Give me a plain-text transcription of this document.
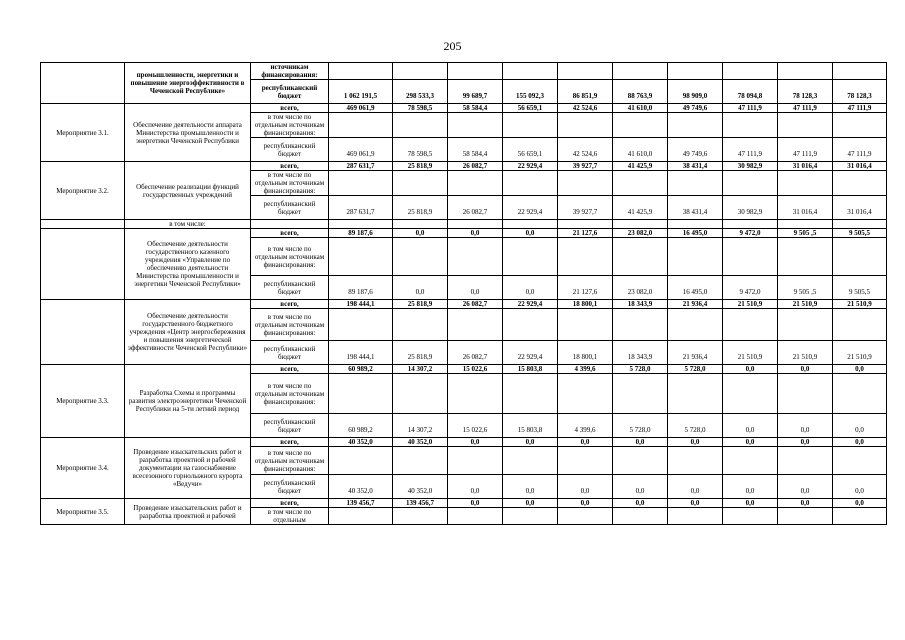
205
	промышленности, энергетики и повышение энергоэффективности в Чеченской Республике»	источникам финансирования:										
		республиканский бюджет	1 062 191,5	298 533,3	99 689,7	155 092,3	86 851,9	88 763,9	98 909,0	78 094,8	78 128,3	78 128,3
Мероприятие 3.1.	Обеспечение деятельности аппарата Министерства промышленности и энергетики Чеченской Республики	всего,	469 061,9	78 598,5	58 584,4	56 659,1	42 524,6	41 610,0	49 749,6	47 111,9	47 111,9	47 111,9
		в том числе по отдельным источникам финансирования:										
		республиканский бюджет	469 061,9	78 598,5	58 584,4	56 659,1	42 524,6	41 610,0	49 749,6	47 111,9	47 111,9	47 111,9
Мероприятие 3.2.	Обеспечение реализации функций государственных учреждений	всего,	287 631,7	25 818,9	26 082,7	22 929,4	39 927,7	41 425,9	38 431,4	30 982,9	31 016,4	31 016,4
		в том числе по отдельным источникам финансирования:										
		республиканский бюджет	287 631,7	25 818,9	26 082,7	22 929,4	39 927,7	41 425,9	38 431,4	30 982,9	31 016,4	31 016,4
	в том числе:											
	Обеспечение деятельности государственного казенного учреждения «Управление по обеспечению деятельности Министерства промышленности и энергетики Чеченской Республики»	всего,	89 187,6	0,0	0,0	0,0	21 127,6	23 082,0	16 495,0	9 472,0	9 505 ,5	9 505,5
		в том числе по отдельным источникам финансирования:										
		республиканский бюджет	89 187,6	0,0	0,0	0,0	21 127,6	23 082,0	16 495,0	9 472,0	9 505 ,5	9 505,5
	Обеспечение деятельности государственного бюджетного учреждения «Центр энергосбережения и повышения энергетической эффективности Чеченской Республики»	всего,	198 444,1	25 818,9	26 082,7	22 929,4	18 800,1	18 343,9	21 936,4	21 510,9	21 510,9	21 510,9
		в том числе по отдельным источникам финансирования:										
		республиканский бюджет	198 444,1	25 818,9	26 082,7	22 929,4	18 800,1	18 343,9	21 936,4	21 510,9	21 510,9	21 510,9
Мероприятие 3.3.	Разработка Схемы и программы развития электроэнергетики Чеченской Республики на 5-ти летний период	всего,	60 989,2	14 307,2	15 022,6	15 803,8	4 399,6	5 728,0	5 728,0	0,0	0,0	0,0
		в том числе по отдельным источникам финансирования:										
		республиканский бюджет	60 989,2	14 307,2	15 022,6	15 803,8	4 399,6	5 728,0	5 728,0	0,0	0,0	0,0
Мероприятие 3.4.	Проведение изыскательских работ и разработка проектной и рабочей документации на газоснабжение всесезонного горнолыжного курорта «Ведучи»	всего,	40 352,0	40 352,0	0,0	0,0	0,0	0,0	0,0	0,0	0,0	0,0
		в том числе по отдельным источникам финансирования:										
		республиканский бюджет	40 352,0	40 352,0	0,0	0,0	0,0	0,0	0,0	0,0	0,0	0,0
Мероприятие 3.5.	Проведение изыскательских работ и разработка проектной и рабочей	всего,	139 456,7	139 456,7	0,0	0,0	0,0	0,0	0,0	0,0	0,0	0,0
		в том числе по отдельным										
